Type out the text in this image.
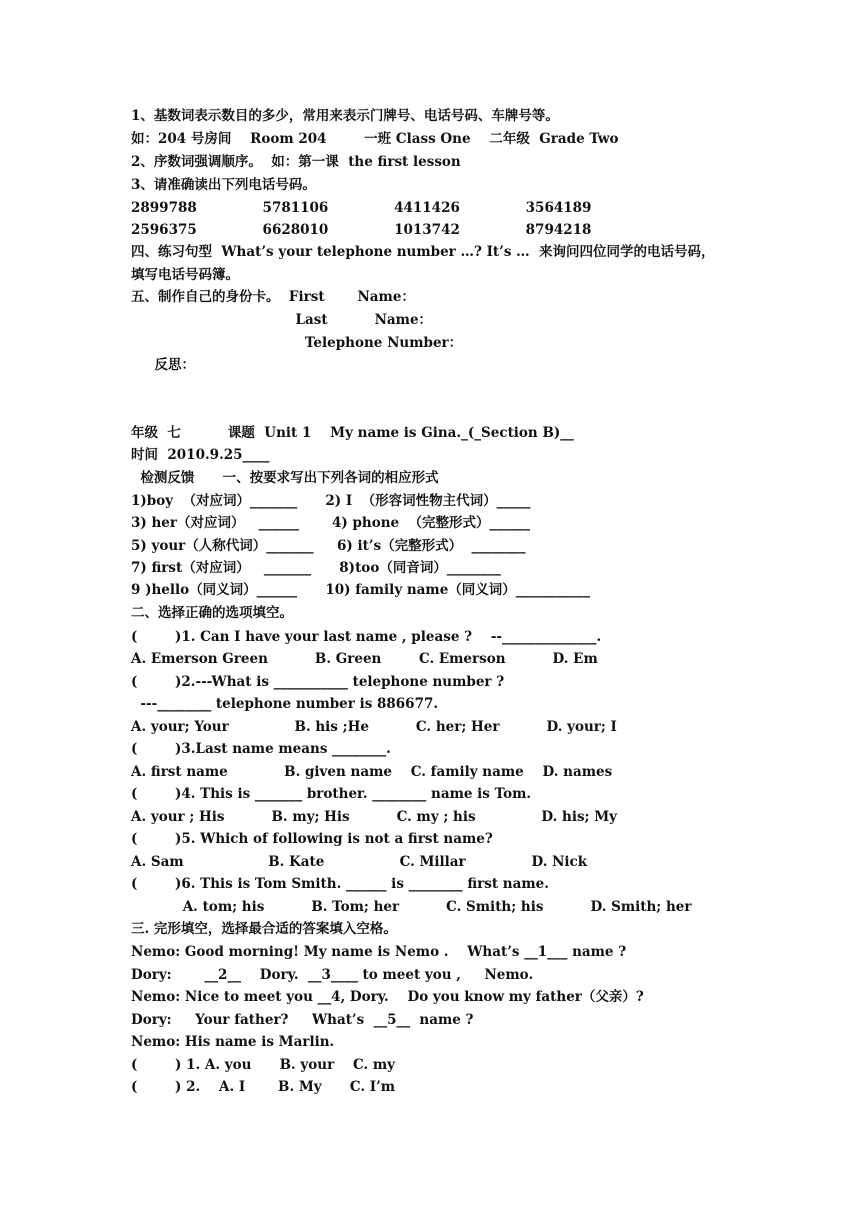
1、基数词表示数目的多少，常用来表示门牌号、电话号码、车牌号等。
如：204 号房间    Room 204        一班 Class One    二年级  Grade Two
2、序数词强调顺序。  如：第一课  the first lesson
3、请准确读出下列电话号码。
2899788              5781106              4411426              3564189
2596375              6628010              1013742              8794218
四、练习句型  What’s your telephone number …? It’s …  来询问四位同学的电话号码，
填写电话号码簿。
五、制作自己的身份卡。  First       Name：
Last          Name：
Telephone Number：
反思：
年级  七          课题  Unit 1    My name is Gina._(_Section B)__
时间  2010.9.25____
检测反馈      一、按要求写出下列各词的相应形式
1)boy  （对应词）_______      2) I  （形容词性物主代词）_____
3) her（对应词）   ______       4) phone  （完整形式）______
5) your（人称代词）_______     6) it’s（完整形式）  ________
7) first（对应词）   _______      8)too（同音词）________
9 )hello（同义词）______      10) family name（同义词）___________
二、选择正确的选项填空。
(        )1. Can I have your last name , please ?    --______________.
A. Emerson Green          B. Green        C. Emerson          D. Em
(        )2.---What is ___________ telephone number ?
---________ telephone number is 886677.
A. your; Your              B. his ;He          C. her; Her          D. your; I
(        )3.Last name means ________.
A. first name            B. given name    C. family name    D. names
(        )4. This is _______ brother. ________ name is Tom.
A. your ; His          B. my; His          C. my ; his              D. his; My
(        )5. Which of following is not a first name?
A. Sam                  B. Kate                C. Millar              D. Nick
(        )6. This is Tom Smith. ______ is ________ first name.
A. tom; his          B. Tom; her          C. Smith; his          D. Smith; her
三. 完形填空，选择最合适的答案填入空格。
Nemo: Good morning! My name is Nemo .    What’s __1___ name ?
Dory:       __2__    Dory.  __3____ to meet you ,     Nemo.
Nemo: Nice to meet you __4, Dory.    Do you know my father（父亲）?
Dory:     Your father?     What’s  __5__  name ?
Nemo: His name is Marlin.
(        ) 1. A. you      B. your    C. my
(        ) 2.    A. I       B. My      C. I’m
